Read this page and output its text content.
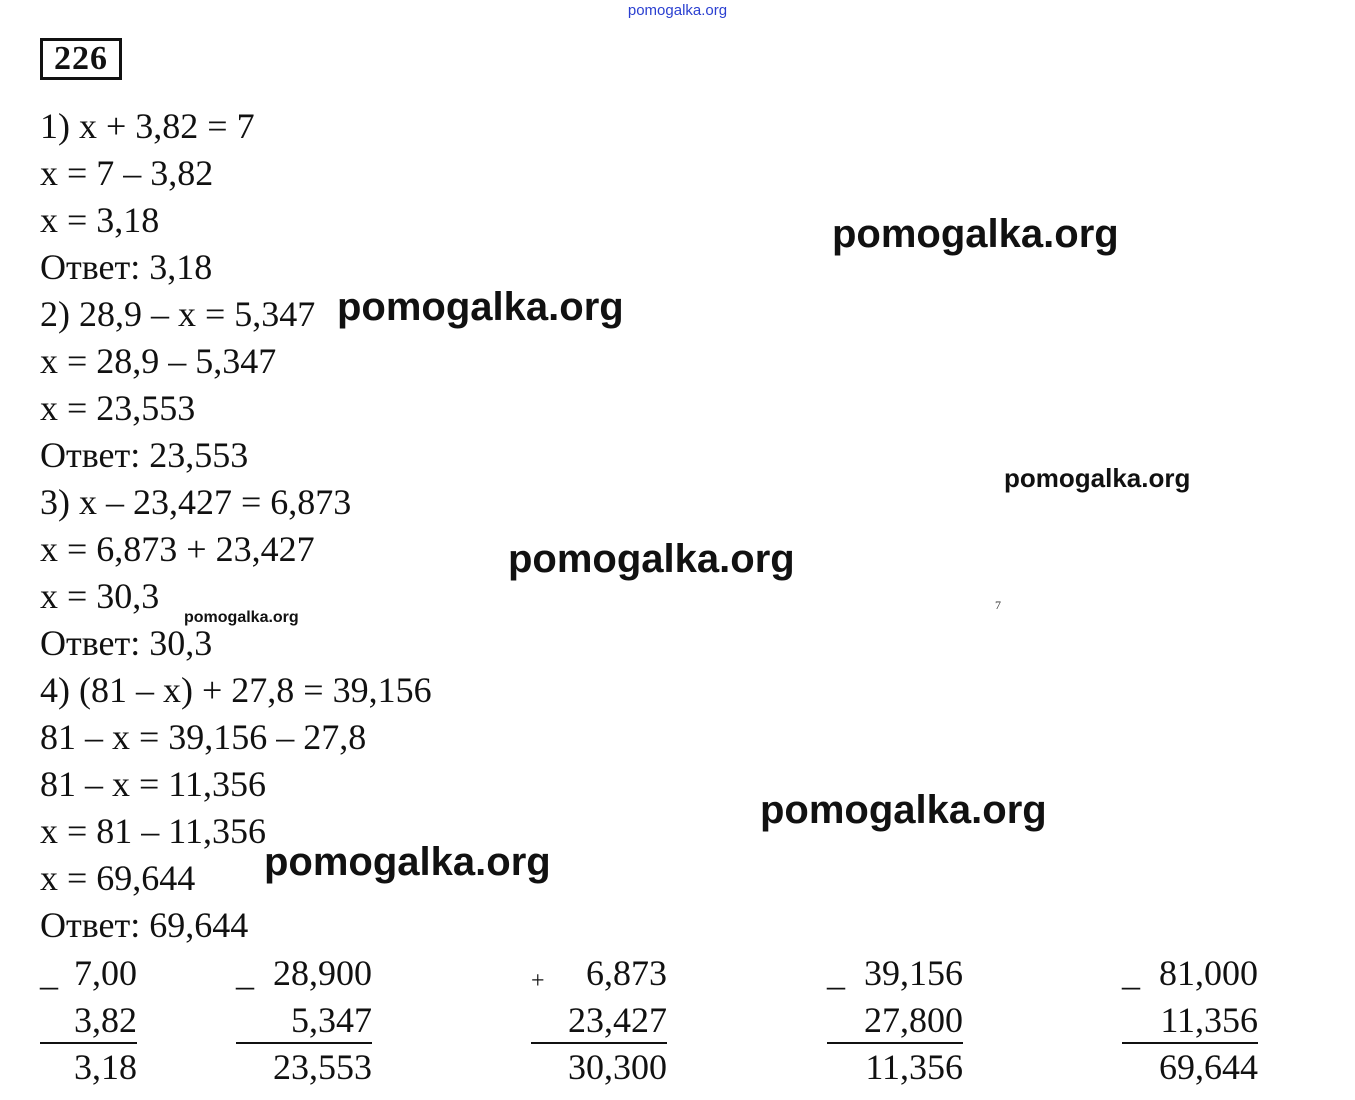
pomogalka.org
226
1) x + 3,82 = 7
x = 7 – 3,82
x = 3,18
Ответ: 3,18
2) 28,9 – x = 5,347
x = 28,9 – 5,347
x = 23,553
Ответ: 23,553
3) x – 23,427 = 6,873
x = 6,873 + 23,427
x = 30,3
Ответ: 30,3
4) (81 – x) + 27,8 = 39,156
81 – x = 39,156 – 27,8
81 – x = 11,356
x = 81 – 11,356
x = 69,644
Ответ: 69,644
pomogalka.org
pomogalka.org
pomogalka.org
pomogalka.org
pomogalka.org
pomogalka.org
pomogalka.org
7
_ 7,00
3,82
3,18
_ 28,900
5,347
23,553
+	6,873
23,427
30,300
_ 39,156
27,800
11,356
_ 81,000
11,356
69,644
